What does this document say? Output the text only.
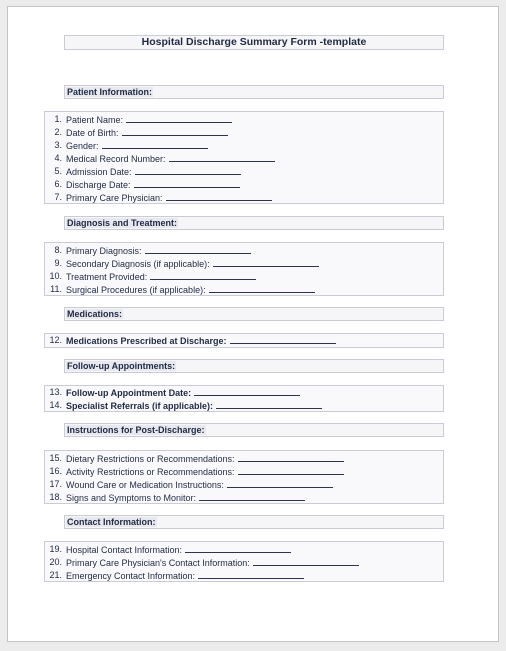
Hospital Discharge Summary Form -template
Patient Information:
1. Patient Name:
2. Date of Birth:
3. Gender:
4. Medical Record Number:
5. Admission Date:
6. Discharge Date:
7. Primary Care Physician:
Diagnosis and Treatment:
8. Primary Diagnosis:
9. Secondary Diagnosis (if applicable):
10. Treatment Provided:
11. Surgical Procedures (if applicable):
Medications:
12. Medications Prescribed at Discharge:
Follow-up Appointments:
13. Follow-up Appointment Date:
14. Specialist Referrals (if applicable):
Instructions for Post-Discharge:
15. Dietary Restrictions or Recommendations:
16. Activity Restrictions or Recommendations:
17. Wound Care or Medication Instructions:
18. Signs and Symptoms to Monitor:
Contact Information:
19. Hospital Contact Information:
20. Primary Care Physician's Contact Information:
21. Emergency Contact Information:
